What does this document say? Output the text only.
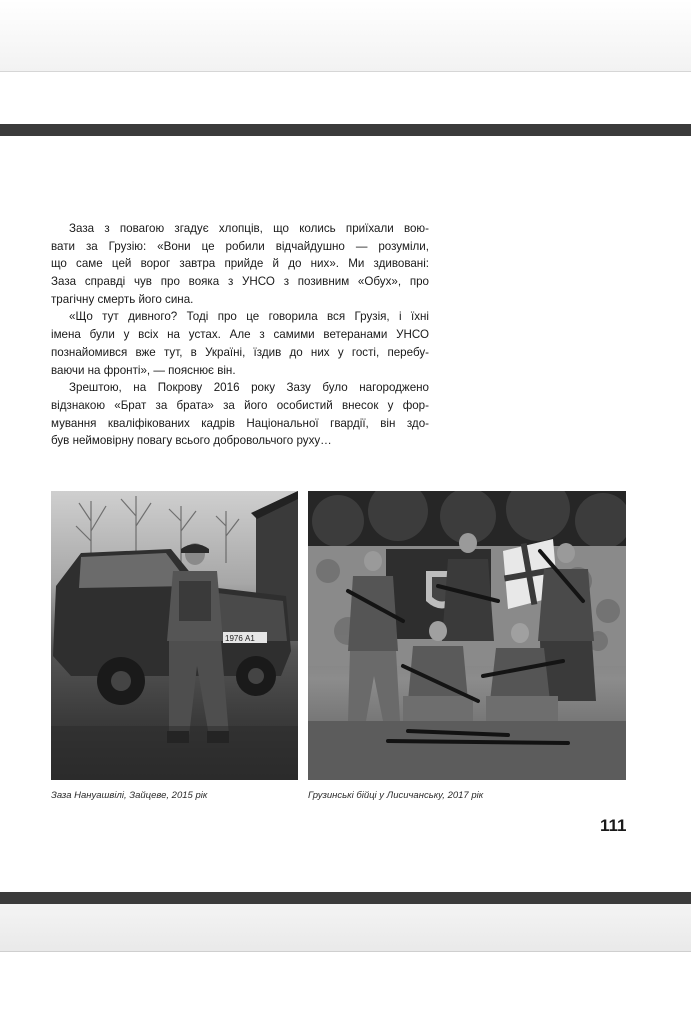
Заза з повагою згадує хлопців, що колись приїхали вою-
вати за Грузію: «Вони це робили відчайдушно — розуміли,
що саме цей ворог завтра прийде й до них». Ми здивовані:
Заза справді чув про вояка з УНСО з позивним «Обух», про
трагічну смерть його сина.
«Що тут дивного? Тоді про це говорила вся Грузія, і їхні
імена були у всіх на устах. Але з самими ветеранами УНСО
познайомився вже тут, в Україні, їздив до них у гості, перебу-
ваючи на фронті», — пояснює він.
Зрештою, на Покрову 2016 року Зазу було нагороджено
відзнакою «Брат за брата» за його особистий внесок у фор-
мування кваліфікованих кадрів Національної гвардії, він здо-
був неймовірну повагу всього добровольчого руху…
1976 А1
Заза Нануашвілі, Зайцеве, 2015 рік	Грузинські бійці у Лисичанську, 2017 рік
111
